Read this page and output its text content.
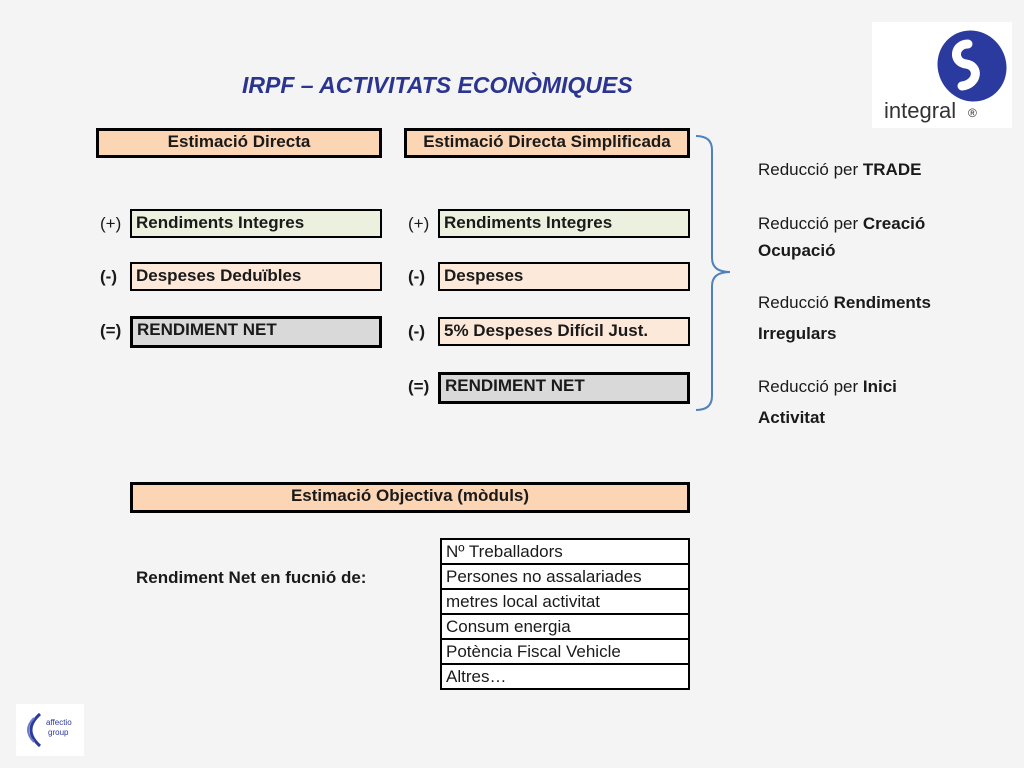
IRPF – ACTIVITATS ECONÒMIQUES
integral ®
Estimació Directa
(+) Rendiments Integres
(-)	Despeses Deduïbles
(=) RENDIMENT NET
Estimació Directa Simplificada
(+) Rendiments Integres
(-)	Despeses
(-)	5% Despeses Difícil Just.
(=) RENDIMENT NET
Reducció per TRADE
Reducció per Creació Ocupació
Reducció Rendiments Irregulars
Reducció per Inici Activitat
Estimació Objectiva (mòduls)
Rendiment Net en fucnió de:
Nº Treballadors
Persones no assalariades
metres local activitat
Consum energia
Potència Fiscal Vehicle
Altres…
affectio
group
